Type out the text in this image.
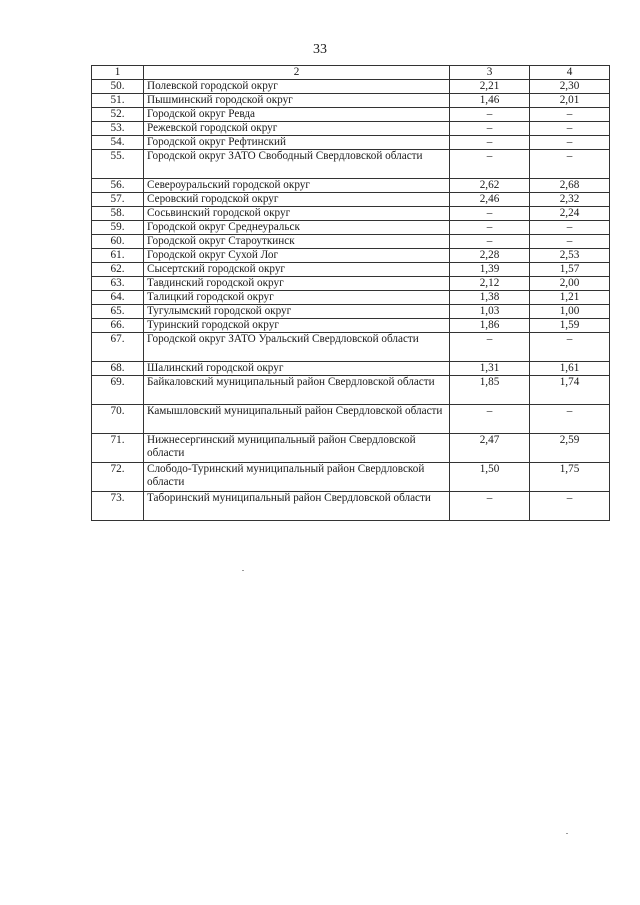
33
1	2	3	4
50.	Полевской городской округ	2,21	2,30
51.	Пышминский городской округ	1,46	2,01
52.	Городской округ Ревда	–	–
53.	Режевской городской округ	–	–
54.	Городской округ Рефтинский	–	–
55.	Городской округ ЗАТО Свободный Свердловской области	–	–
56.	Североуральский городской округ	2,62	2,68
57.	Серовский городской округ	2,46	2,32
58.	Сосьвинский городской округ	–	2,24
59.	Городской округ Среднеуральск	–	–
60.	Городской округ Староуткинск	–	–
61.	Городской округ Сухой Лог	2,28	2,53
62.	Сысертский городской округ	1,39	1,57
63.	Тавдинский городской округ	2,12	2,00
64.	Талицкий городской округ	1,38	1,21
65.	Тугулымский городской округ	1,03	1,00
66.	Туринский городской округ	1,86	1,59
67.	Городской округ ЗАТО Уральский Свердловской области	–	–
68.	Шалинский городской округ	1,31	1,61
69.	Байкаловский муниципальный район Свердловской области	1,85	1,74
70.	Камышловский муниципальный район Свердловской области	–	–
71.	Нижнесергинский муниципальный район Свердловской области	2,47	2,59
72.	Слободо-Туринский муниципальный район Свердловской области	1,50	1,75
73.	Таборинский муниципальный район Свердловской области	–	–
